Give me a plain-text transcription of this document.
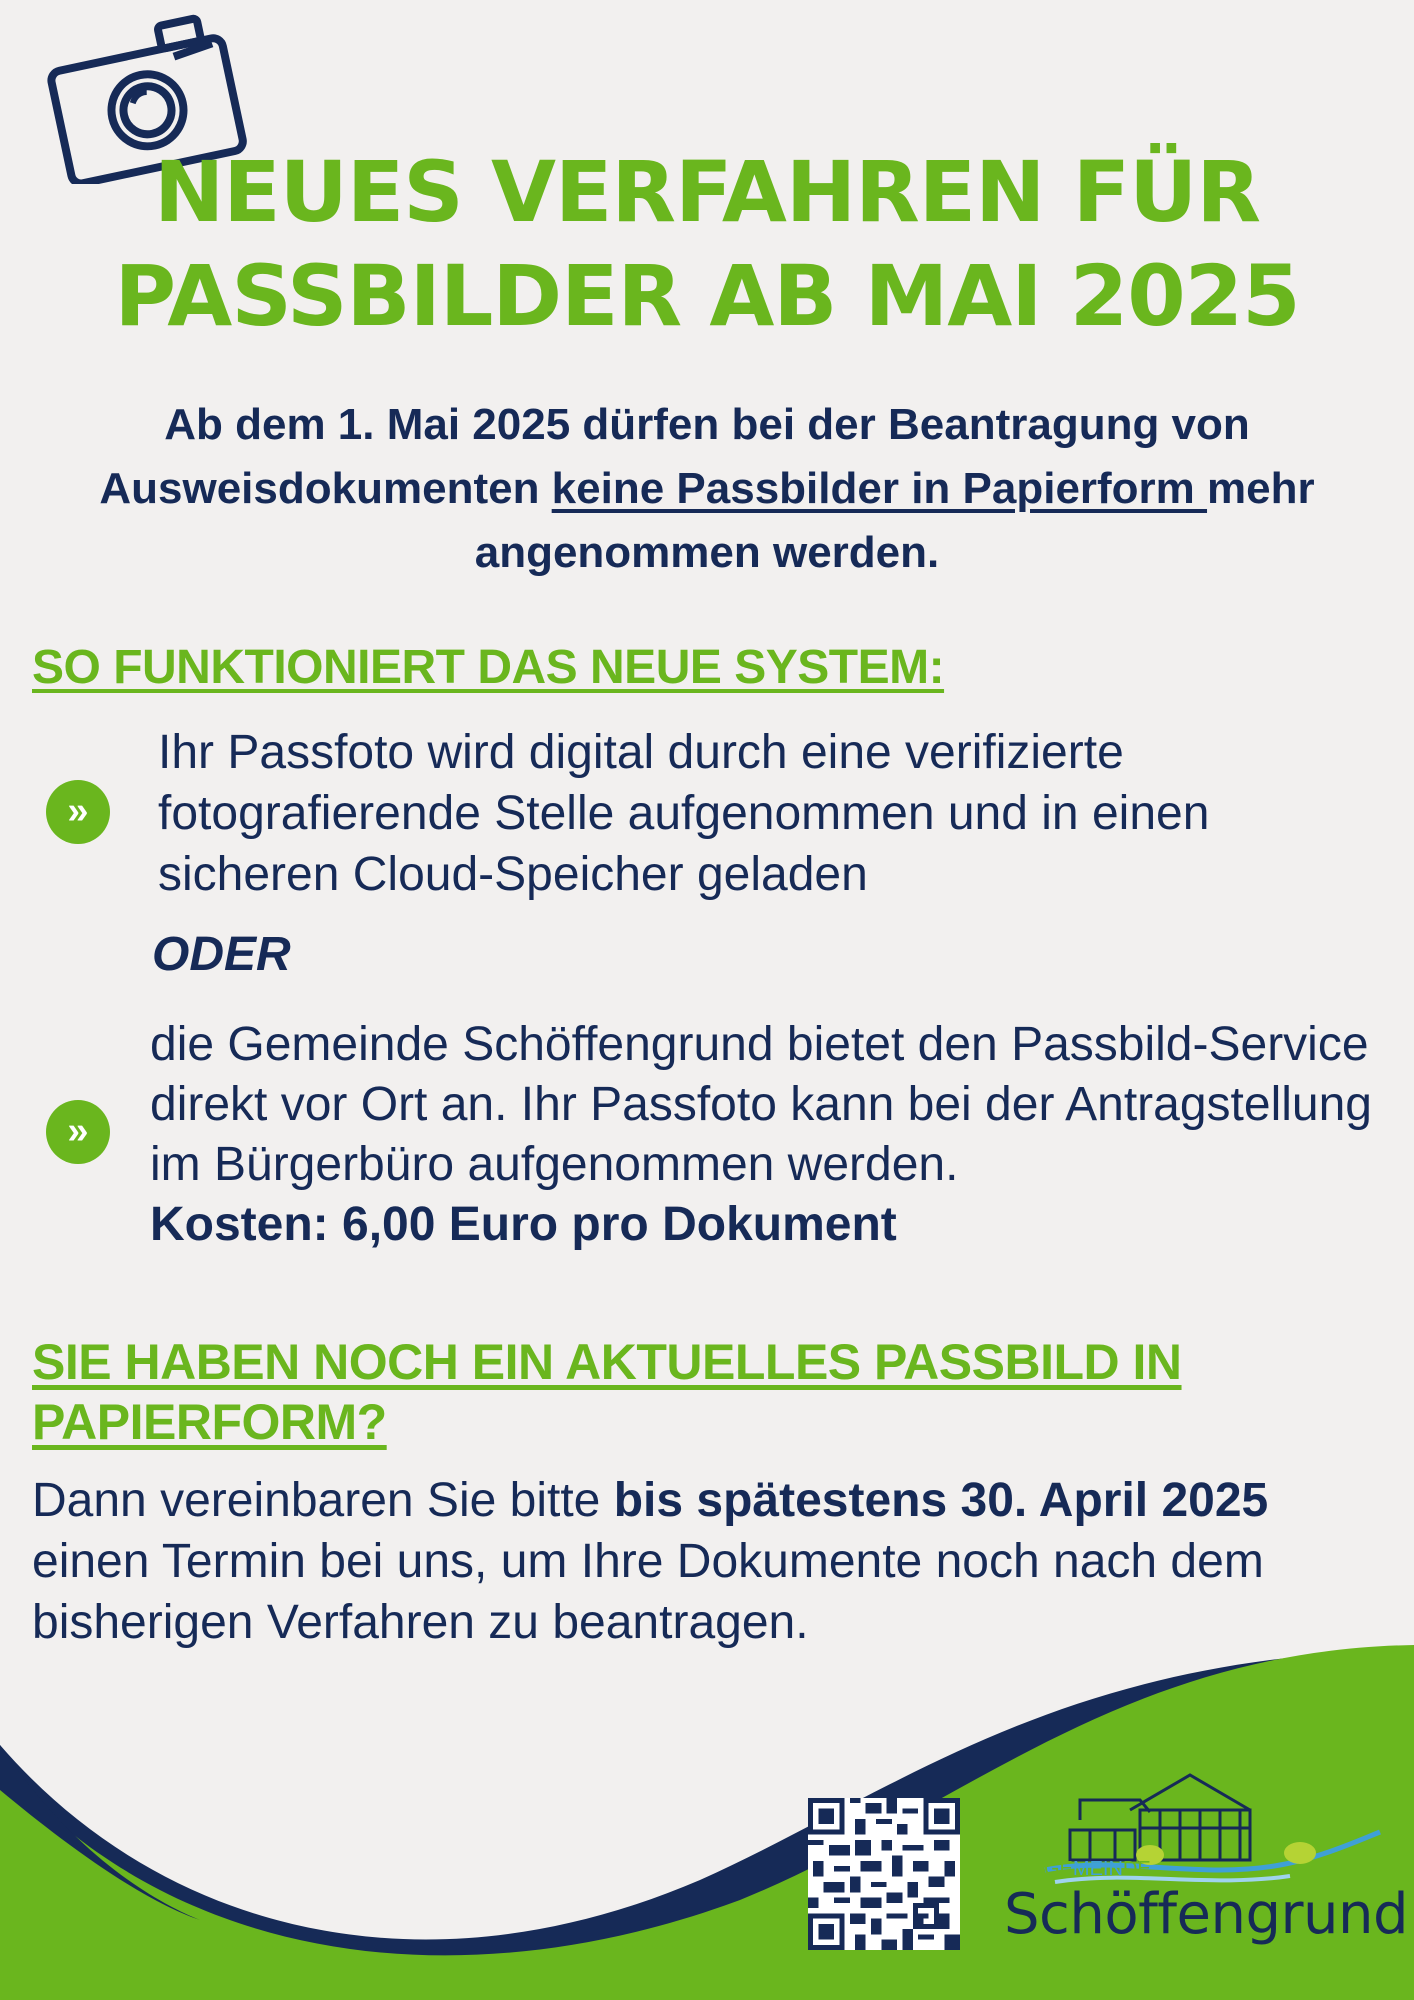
NEUES VERFAHREN FÜR
PASSBILDER AB MAI 2025
Ab dem 1. Mai 2025 dürfen bei der Beantragung von Ausweisdokumenten keine Passbilder in Papierform mehr angenommen werden.
SO FUNKTIONIERT DAS NEUE SYSTEM:
»
Ihr Passfoto wird digital durch eine verifizierte fotografierende Stelle aufgenommen und in einen sicheren Cloud-Speicher geladen
ODER
»
die Gemeinde Schöffengrund bietet den Passbild-Service direkt vor Ort an. Ihr Passfoto kann bei der Antragstellung im Bürgerbüro aufgenommen werden.
Kosten: 6,00 Euro pro Dokument
SIE HABEN NOCH EIN AKTUELLES PASSBILD IN PAPIERFORM?
Dann vereinbaren Sie bitte bis spätestens 30. April 2025 einen Termin bei uns, um Ihre Dokumente noch nach dem bisherigen Verfahren zu beantragen.
GEMEINDE
Schöffengrund
